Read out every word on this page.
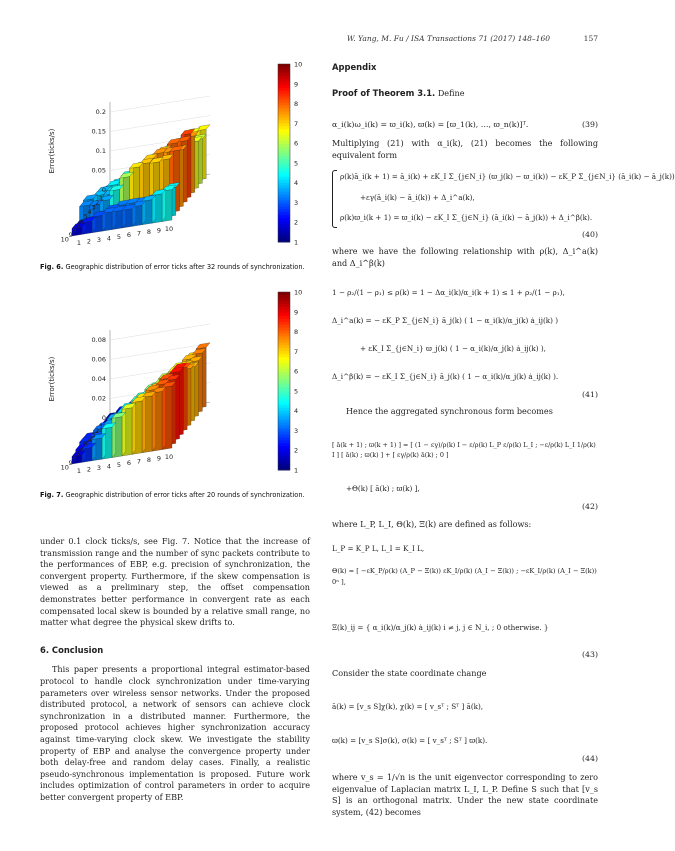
W. Yang, M. Fu / ISA Transactions 71 (2017) 148–160	157
0.2
0.15
0.1
0.05
0
Error(ticks/s)
1
2
3
4
5
6
7
8
9
10 1 2 3 4 5 6 7 8 9 10
10
9
8
7
6
5
4
3
2
1
Fig. 6. Geographic distribution of error ticks after 32 rounds of synchronization.
0.08
0.06
0.04
0.02
0
Error(ticks/s)
1
2
3
4
5
6
7
8
9
10 1 2 3 4 5 6 7 8 9 10
10
9
8
7
6
5
4
3
2
1
Fig. 7. Geographic distribution of error ticks after 20 rounds of synchronization.

under 0.1 clock ticks/s, see Fig. 7. Notice that the increase of transmission range and the number of sync packets contribute to the performances of EBP, e.g. precision of synchronization, the convergent property. Furthermore, if the skew compensation is viewed as a preliminary step, the offset compensation demonstrates better performance in convergent rate as each compensated local skew is bounded by a relative small range, no matter what degree the physical skew drifts to.

6. Conclusion

This paper presents a proportional integral estimator-based protocol to handle clock synchronization under time-varying parameters over wireless sensor networks. Under the proposed distributed protocol, a network of sensors can achieve clock synchronization in a distributed manner. Furthermore, the proposed protocol achieves higher synchronization accuracy against time-varying clock skew. We investigate the stability property of EBP and analyse the convergence property under both delay-free and random delay cases. Finally, a realistic pseudo-synchronous implementation is proposed. Future work includes optimization of control parameters in order to acquire better convergent property of EBP.

Appendix

Proof of Theorem 3.1. Define

α_i(k)ω_i(k) = ϖ_i(k), ϖ(k) = [ϖ_1(k), …, ϖ_n(k)]ᵀ.	(39)
Multiplying (21) with α_i(k), (21) becomes the following equivalent form
ρ(k)ā_i(k + 1) = ā_i(k) + εK_I Σ_{j∈N_i} (ϖ_j(k) − ϖ_i(k)) − εK_P Σ_{j∈N_i} (ā_i(k) − ā_j(k))
+εγ(ā_i(k) − ā_i(k)) + Δ_i^a(k),
ρ(k)ϖ_i(k + 1) = ϖ_i(k) − εK_I Σ_{j∈N_i} (ā_i(k) − ā_j(k)) + Δ_i^β(k).
(40)
where we have the following relationship with ρ(k), Δ_i^a(k) and Δ_i^β(k)
1 − ρ₂/(1 − ρ₁) ≤ ρ(k) = 1 − Δα_i(k)/α_i(k + 1) ≤ 1 + ρ₂/(1 − ρ₁),
Δ_i^a(k) = − εK_P Σ_{j∈N_i} ā_j(k) ( 1 − α_i(k)/α_j(k) ȧ_ij(k) )
+ εK_I Σ_{j∈N_i} ϖ_j(k) ( 1 − α_i(k)/α_j(k) ȧ_ij(k) ),
Δ_i^β(k) = − εK_I Σ_{j∈N_i} ā_j(k) ( 1 − α_i(k)/α_j(k) ȧ_ij(k) ).
(41)
Hence the aggregated synchronous form becomes
[ ā(k + 1) ; ϖ(k + 1) ] = [ (1 − εγ)/ρ(k) I − ε/ρ(k) L_P ε/ρ(k) L_I ; −ε/ρ(k) L_I 1/ρ(k) I ] [ ā(k) ; ϖ(k) ] + [ εγ/ρ(k) ā(k) ; 0 ]
+Θ(k) [ ā(k) ; ϖ(k) ],
(42)
where L_P, L_I, Θ(k), Ξ(k) are defined as follows:
L_P = K_P L, L_I = K_I L,
Θ(k) = [ −εK_P/ρ(k) (A_P − Ξ(k)) εK_I/ρ(k) (A_I − Ξ(k)) ; −εK_I/ρ(k) (A_I − Ξ(k)) 0ⁿ ],
Ξ(k)_ij = { α_i(k)/α_j(k) ȧ_ij(k) i ≠ j, j ∈ N_i, ; 0 otherwise. }
(43)
Consider the state coordinate change
ā(k) = [v_s S]χ(k), χ(k) = [ v_sᵀ ; Sᵀ ] ā(k),
ϖ(k) = [v_s S]σ(k), σ(k) = [ v_sᵀ ; Sᵀ ] ϖ(k).
(44)
where v_s = 1/√n is the unit eigenvector corresponding to zero eigenvalue of Laplacian matrix L_I, L_P. Define S such that [v_s S] is an orthogonal matrix. Under the new state coordinate system, (42) becomes
